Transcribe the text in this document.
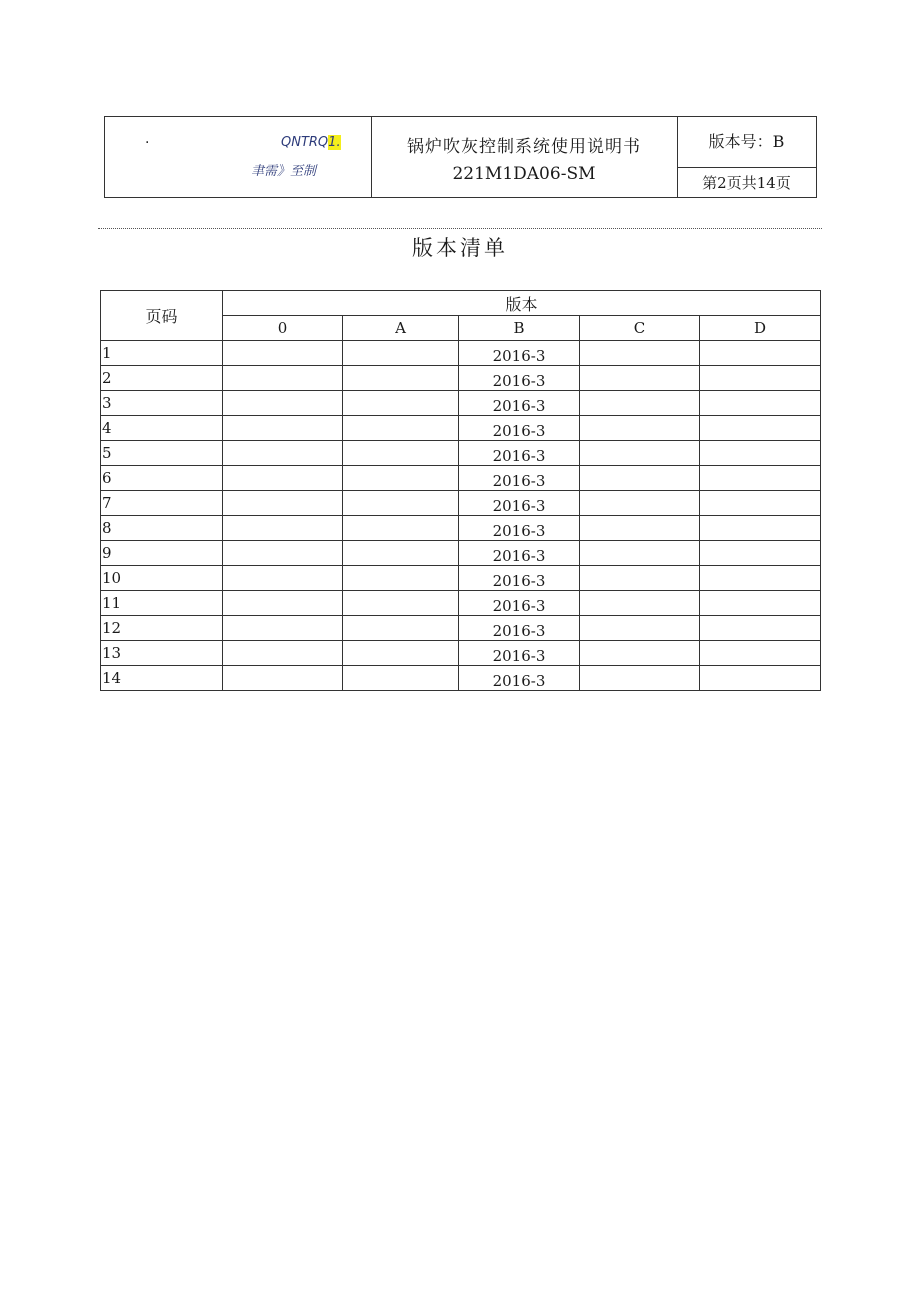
·	QNTRQ1.
聿需》至制
锅炉吹灰控制系统使用说明书
221M1DA06-SM
版本号：B
第2页共14页
版本清单
页码	版本				
	0	A	B	C	D
1			2016-3		
2			2016-3		
3			2016-3		
4			2016-3		
5			2016-3		
6			2016-3		
7			2016-3		
8			2016-3		
9			2016-3		
10			2016-3		
11			2016-3		
12			2016-3		
13			2016-3		
14			2016-3		
